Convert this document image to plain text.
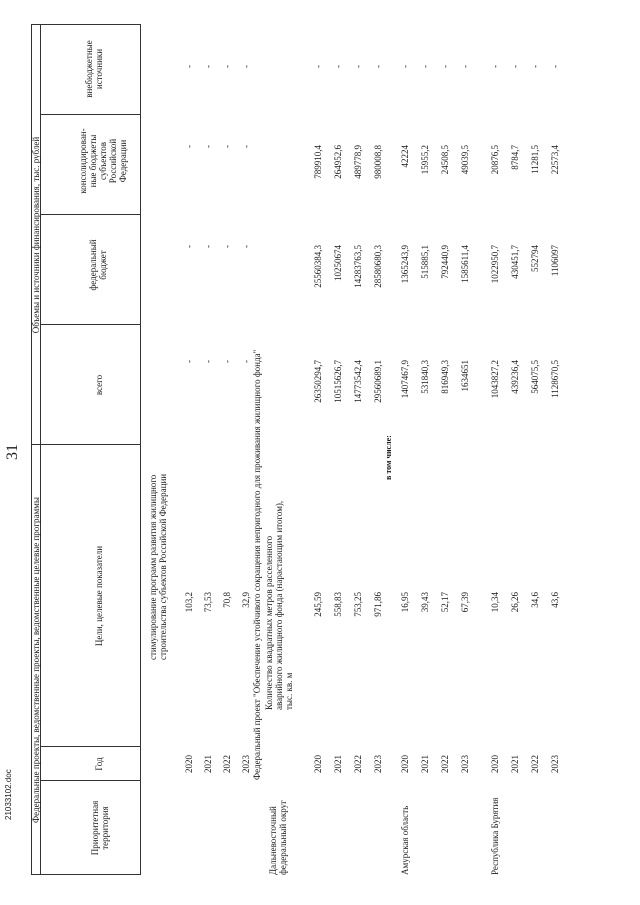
31
Федеральные проекты, ведомственные проекты, ведомственные целевые программы
Объемы и источники финансирования, тыс. рублей
Приоритетная территория
Год
Цели, целевые показатели
всего
федеральный бюджет
консолидирован-ные бюджеты субъектов Российской Федерации
внебюджетные источники
стимулирование программ развития жилищного строительства субъектов Российской Федерации
2020
103,2
-
-
-
-
2021
73,53
-
-
-
-
2022
70,8
-
-
-
-
2023
32,9
-
-
-
-
Федеральный проект "Обеспечение устойчивого сокращения непригодного для проживания жилищного фонда" Количество квадратных метров расселенного аварийного жилищного фонда (нарастающим итогом), тыс. кв. м
Дальневосточный федеральный округ
2020
245,59
26350294,7
25560384,3
789910,4
-
2021
558,83
10515626,7
10250674
264952,6
-
2022
753,25
14773542,4
14283763,5
489778,9
-
2023
971,86
29560689,1
28580680,3
980008,8
-
в том числе:
Амурская область
2020
16,95
1407467,9
1365243,9
42224
-
2021
39,43
531840,3
515885,1
15955,2
-
2022
52,17
816949,3
792440,9
24508,5
-
2023
67,39
1634651
1585611,4
49039,5
-
Республика Бурятия
2020
10,34
1043827,2
1022950,7
20876,5
-
2021
26,26
439236,4
430451,7
8784,7
-
2022
34,6
564075,5
552794
11281,5
-
2023
43,6
1128670,5
1106097
22573,4
-
21033102.doc
